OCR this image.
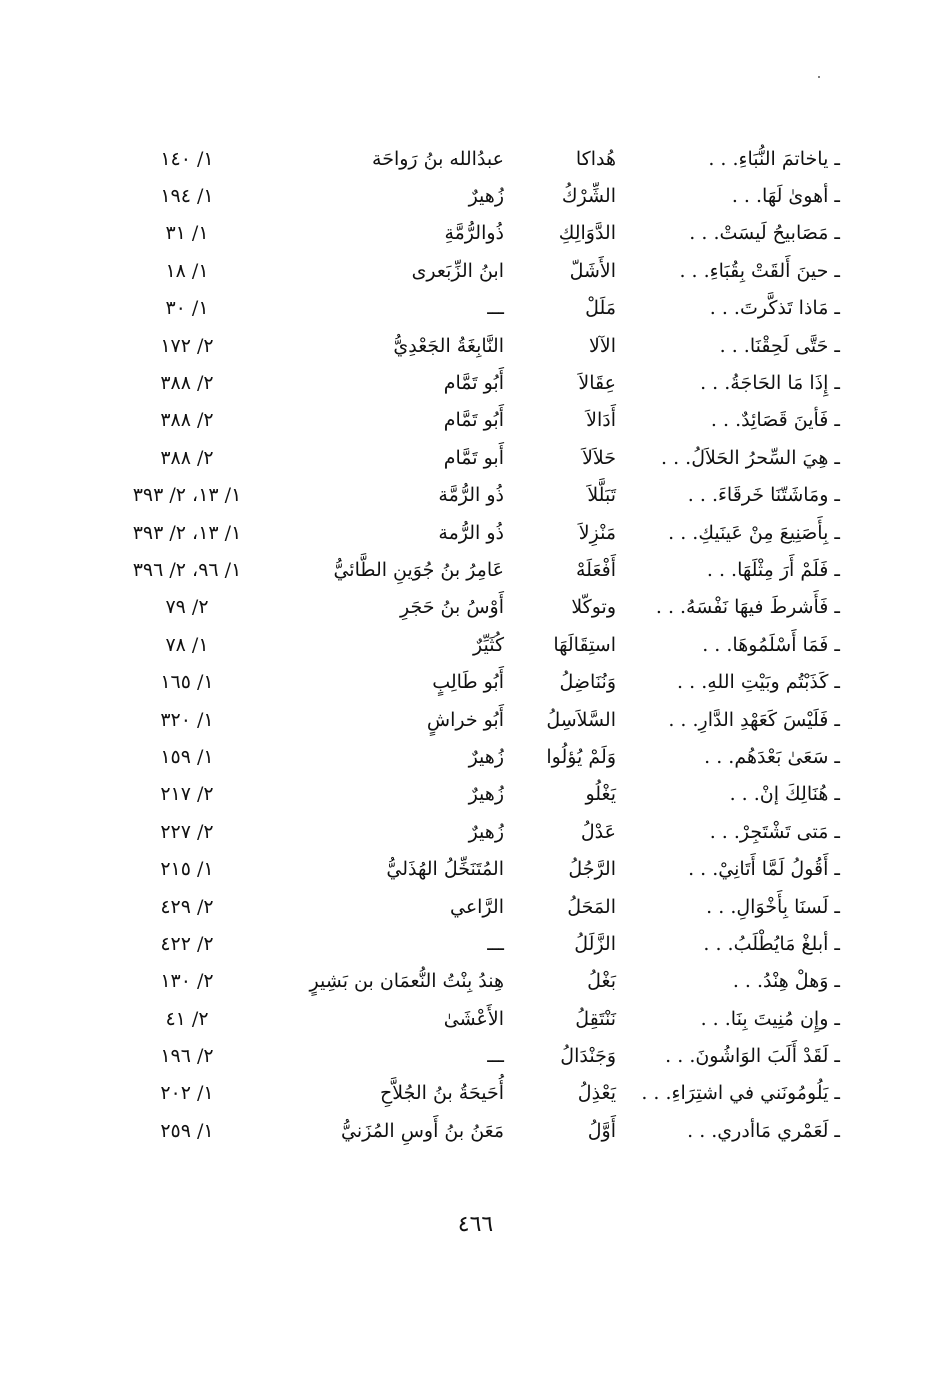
ـ ياخاتمَ النُّبَاءِ. . .
هُداكا
عبدُالله بنُ رَواحَة
١/ ١٤٠
ـ أهوىٰ لَهَا. . .
الشِّرْكُ
زُهيرٌ
١/ ١٩٤
ـ مَصَابيحُ لَيسَتْ. . .
الدَّوَالِكِ
ذُوالرُّمَّةِ
١/ ٣١
ـ حينَ أَلقَتْ بِقُبَاءِ. . .
الأَشَلّ
ابنُ الزِّبَعرى
١/ ١٨
ـ مَاذا تَذكَّرتَ. . .
مَلَلْ
ـــ
١/ ٣٠
ـ حَتَّى لَحِقْنَا. . .
الآلا
النَّابِغَةُ الجَعْدِيُّ
٢/ ١٧٢
ـ إِذَا مَا الحَاجَةُ. . .
عِقَالاَ
أَبُو تَمَّام
٢/ ٣٨٨
ـ فَأينَ قَصَائِدٌ. . .
أَدَالاَ
أَبُو تَمَّام
٢/ ٣٨٨
ـ هِيَ السِّحرُ الحَلاَلُ. . .
حَلاَلاَ
أَبو تَمَّام
٢/ ٣٨٨
ـ ومَاشَتّنَا خَرقَاءَ. . .
تَبَلَّلاَ
ذُو الرُّمَّة
١/ ١٣، ٢/ ٣٩٣
ـ بِأَصَنِيعَ مِنْ عَينَيكِ. . .
مَنْزِلاَ
ذُو الرُّمة
١/ ١٣، ٢/ ٣٩٣
ـ فَلَمْ أَرَ مِثْلَهَا. . .
أَفْعَلَهْ
عَامِرُ بنُ جُوَينِ الطَّائيُّ
١/ ٩٦، ٢/ ٣٩٦
ـ فَأَشرطَ فيهَا نَفْسَهُ. . .
وتوكّلا
أَوْسُ بنُ حَجَرِ
٢/ ٧٩
ـ فَمَا أَسْلَمُوهَا. . .
استِقَالَهَا
كُثَيِّرٌ
١/ ٧٨
ـ كَذَبْتُم وبَيْتِ اللهِ. . .
وَنُنَاضِلُ
أَبُو طَالِبٍ
١/ ١٦٥
ـ فَلَيْسَ كَعَهْدِ الدَّارِ. . .
السَّلاَسِلُ
أَبُو خراشٍ
١/ ٣٢٠
ـ سَعَىٰ بَعْدَهُم. . .
وَلَمْ يُؤلُوا
زُهيرٌ
١/ ١٥٩
ـ هُنَالِكَ إنْ. . .
يَغْلُو
زُهيرٌ
٢/ ٢١٧
ـ مَتى تَشْتَجِرْ. . .
عَدْلُ
زُهيرٌ
٢/ ٢٢٧
ـ أَقُولُ لَمَّا أَتَانِيْ. . .
الرَّجُلُ
المُتَنَخِّلُ الهُذَليُّ
١/ ٢١٥
ـ لَسنَا بِأَخْوَالِ. . .
المَحَلُ
الرَّاعي
٢/ ٤٢٩
ـ أبلغْ مَايُطْلَبُ. . .
الزَّلَلُ
ـــ
٢/ ٤٢٢
ـ وَهلْ هِنْدُ. . .
بَغْلُ
هِندُ بِنْتُ النُّعمَان بن بَشِيرٍ
٢/ ١٣٠
ـ وإِن مُنِيتَ بِنَا. . .
نَنْتَقِلُ
الأَعْشَىٰ
٢/ ٤١
ـ لَقَدْ أَلَبَ الوَاشُونَ. . .
وَجَنْدَالُ
ـــ
٢/ ١٩٦
ـ يَلُومُونَني في اشتِرَاءِ. . .
يَعْذِلُ
أُحَيحَةُ بنُ الجُلاَّحِ
١/ ٢٠٢
ـ لَعَمْري مَاأدري. . .
أَوَّلُ
مَعَنُ بنُ أَوسِ المُزَنيُّ
١/ ٢٥٩
٤٦٦
